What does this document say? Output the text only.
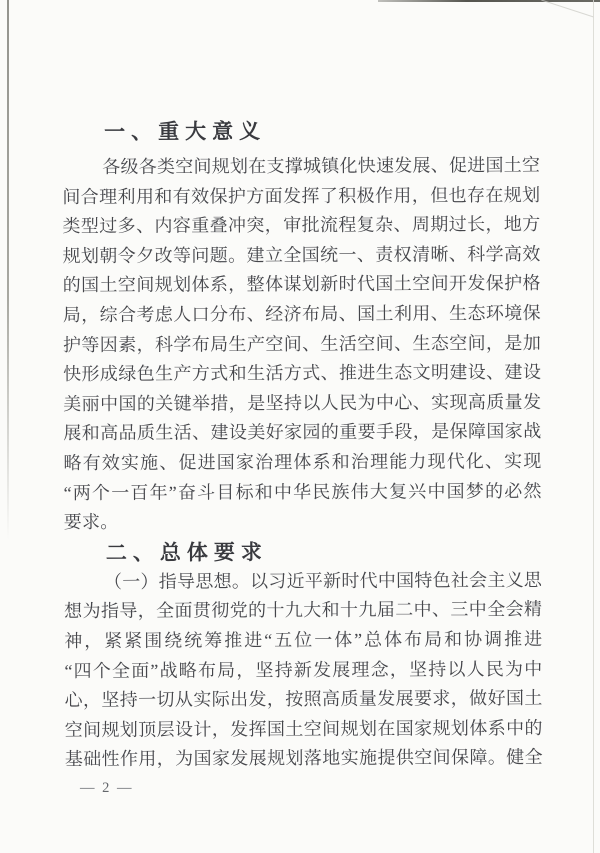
一、重大意义
各级各类空间规划在支撑城镇化快速发展、促进国土空
间合理利用和有效保护方面发挥了积极作用，但也存在规划
类型过多、内容重叠冲突，审批流程复杂、周期过长，地方
规划朝令夕改等问题。建立全国统一、责权清晰、科学高效
的国土空间规划体系，整体谋划新时代国土空间开发保护格
局，综合考虑人口分布、经济布局、国土利用、生态环境保
护等因素，科学布局生产空间、生活空间、生态空间，是加
快形成绿色生产方式和生活方式、推进生态文明建设、建设
美丽中国的关键举措，是坚持以人民为中心、实现高质量发
展和高品质生活、建设美好家园的重要手段，是保障国家战
略有效实施、促进国家治理体系和治理能力现代化、实现
“两个一百年”奋斗目标和中华民族伟大复兴中国梦的必然
要求。
二、总体要求
（一）指导思想。以习近平新时代中国特色社会主义思
想为指导，全面贯彻党的十九大和十九届二中、三中全会精
神，紧紧围绕统筹推进“五位一体”总体布局和协调推进
“四个全面”战略布局，坚持新发展理念，坚持以人民为中
心，坚持一切从实际出发，按照高质量发展要求，做好国土
空间规划顶层设计，发挥国土空间规划在国家规划体系中的
基础性作用，为国家发展规划落地实施提供空间保障。健全
— 2 —
